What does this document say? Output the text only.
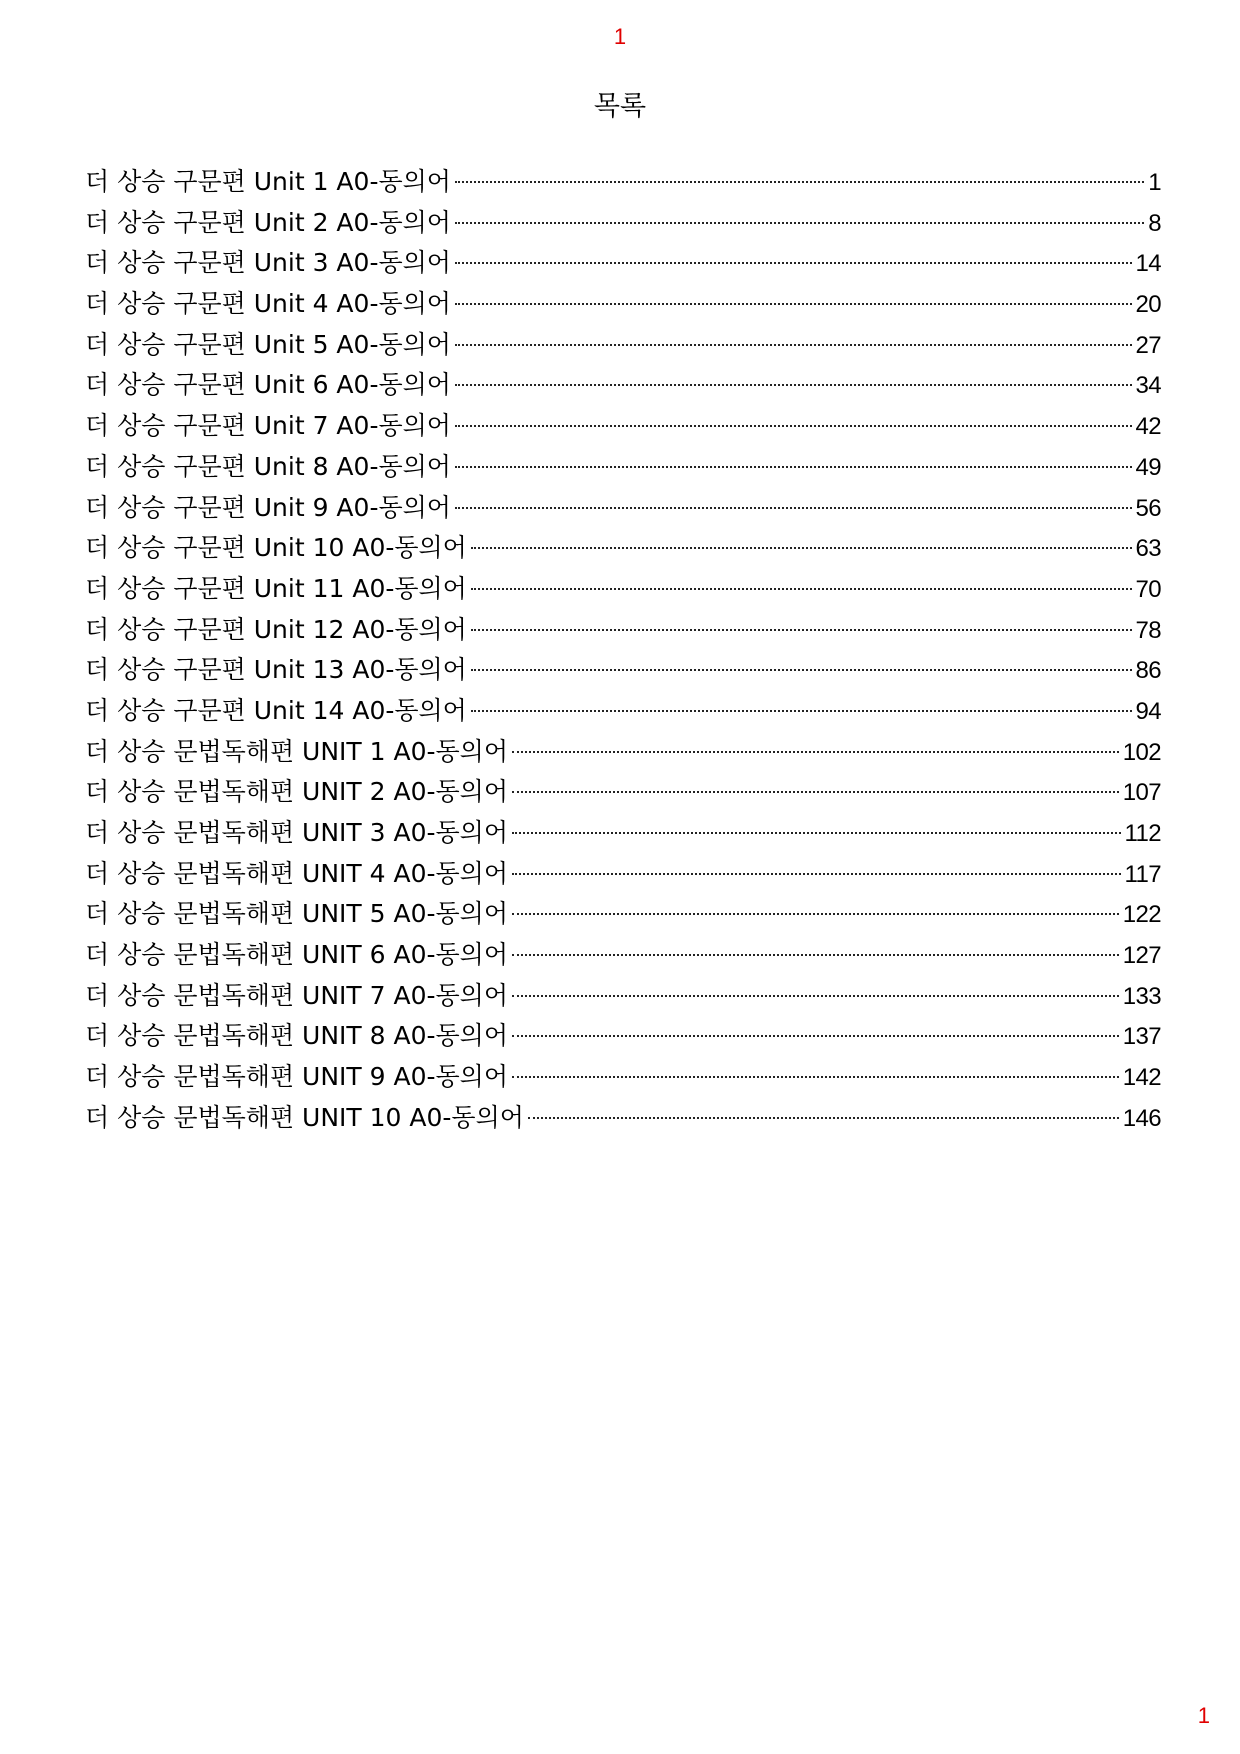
1
목록
더 상승 구문편 Unit 1 A0-동의어	1
더 상승 구문편 Unit 2 A0-동의어	8
더 상승 구문편 Unit 3 A0-동의어	14
더 상승 구문편 Unit 4 A0-동의어	20
더 상승 구문편 Unit 5 A0-동의어	27
더 상승 구문편 Unit 6 A0-동의어	34
더 상승 구문편 Unit 7 A0-동의어	42
더 상승 구문편 Unit 8 A0-동의어	49
더 상승 구문편 Unit 9 A0-동의어	56
더 상승 구문편 Unit 10 A0-동의어	63
더 상승 구문편 Unit 11 A0-동의어	70
더 상승 구문편 Unit 12 A0-동의어	78
더 상승 구문편 Unit 13 A0-동의어	86
더 상승 구문편 Unit 14 A0-동의어	94
더 상승 문법독해편 UNIT 1 A0-동의어	102
더 상승 문법독해편 UNIT 2 A0-동의어	107
더 상승 문법독해편 UNIT 3 A0-동의어	112
더 상승 문법독해편 UNIT 4 A0-동의어	117
더 상승 문법독해편 UNIT 5 A0-동의어	122
더 상승 문법독해편 UNIT 6 A0-동의어	127
더 상승 문법독해편 UNIT 7 A0-동의어	133
더 상승 문법독해편 UNIT 8 A0-동의어	137
더 상승 문법독해편 UNIT 9 A0-동의어	142
더 상승 문법독해편 UNIT 10 A0-동의어	146
1
